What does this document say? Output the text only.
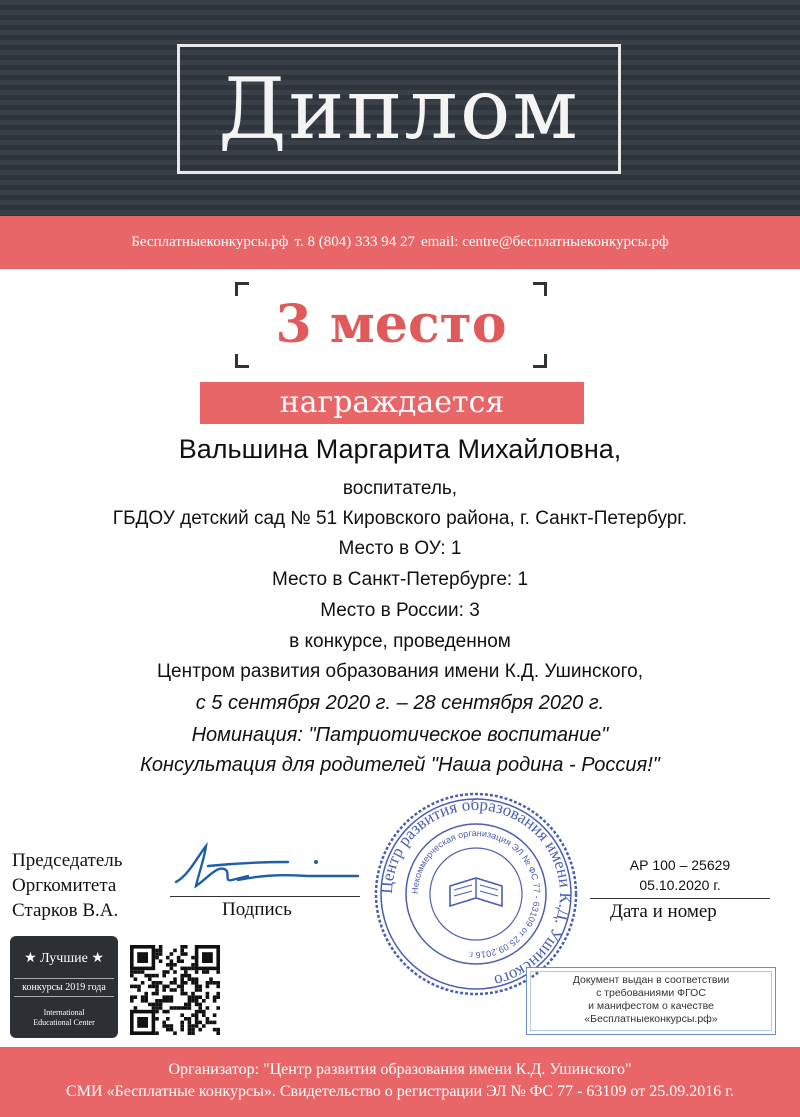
Диплом
Бесплатныеконкурсы.рф т. 8 (804) 333 94 27 email: centre@бесплатныеконкурсы.рф
3 место
награждается
Вальшина Маргарита Михайловна,
воспитатель,
ГБДОУ детский сад № 51 Кировского района, г. Санкт-Петербург.
Место в ОУ: 1
Место в Санкт-Петербурге: 1
Место в России: 3
в конкурсе, проведенном
Центром развития образования имени К.Д. Ушинского,
с 5 сентября 2020 г. – 28 сентября 2020 г.
Номинация: "Патриотическое воспитание"
Консультация для родителей "Наша родина - Россия!"
Председатель
Оргкомитета
Старков В.А.	Подпись
Центр развития образования имени К.Д. Ушинского
Некоммерческая организация ЭЛ № ФС 77 - 63109 от 25.09.2016 г.
АР 100 – 25629
05.10.2020 г.
Дата и номер
★ Лучшие ★
конкурсы 2019 года
International
Educational Center
Документ выдан в соответствии
с требованиями ФГОС
и манифестом о качестве
«Бесплатныеконкурсы.рф»
Организатор: "Центр развития образования имени К.Д. Ушинского"
СМИ «Бесплатные конкурсы». Свидетельство о регистрации ЭЛ № ФС 77 - 63109 от 25.09.2016 г.
